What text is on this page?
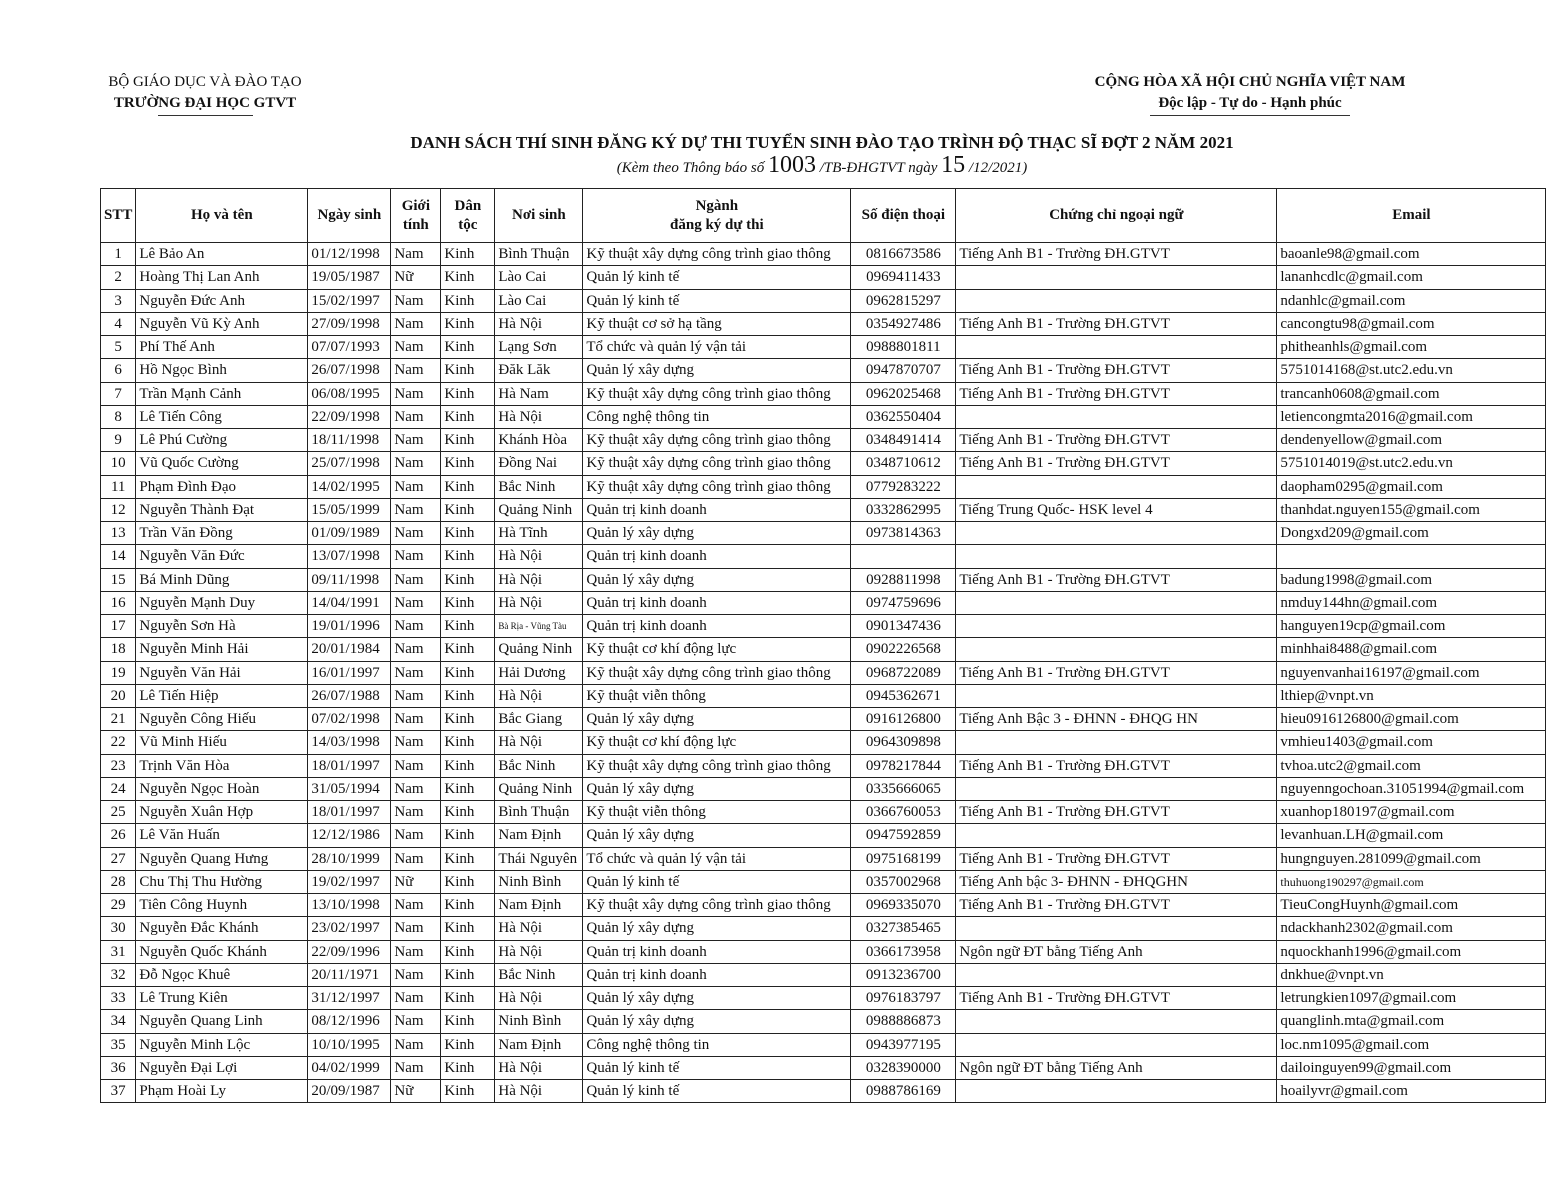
BỘ GIÁO DỤC VÀ ĐÀO TẠO
TRƯỜNG ĐẠI HỌC GTVT
CỘNG HÒA XÃ HỘI CHỦ NGHĨA VIỆT NAM
Độc lập - Tự do - Hạnh phúc
DANH SÁCH THÍ SINH ĐĂNG KÝ DỰ THI TUYỂN SINH ĐÀO TẠO TRÌNH ĐỘ THẠC SĨ ĐỢT 2 NĂM 2021
(Kèm theo Thông báo số 1003 /TB-ĐHGTVT ngày 15 /12/2021)
STT	Họ và tên	Ngày sinh	Giới tính	Dân tộc	Nơi sinh	Ngành
đăng ký dự thi	Số điện thoại	Chứng chỉ ngoại ngữ	Email
1	Lê Bảo An	01/12/1998	Nam	Kinh	Bình Thuận	Kỹ thuật xây dựng công trình giao thông	0816673586	Tiếng Anh B1 - Trường ĐH.GTVT	baoanle98@gmail.com
2	Hoàng Thị Lan Anh	19/05/1987	Nữ	Kinh	Lào Cai	Quản lý kinh tế	0969411433		lananhcdlc@gmail.com
3	Nguyễn Đức Anh	15/02/1997	Nam	Kinh	Lào Cai	Quản lý kinh tế	0962815297		ndanhlc@gmail.com
4	Nguyễn Vũ Kỳ Anh	27/09/1998	Nam	Kinh	Hà Nội	Kỹ thuật cơ sở hạ tầng	0354927486	Tiếng Anh B1 - Trường ĐH.GTVT	cancongtu98@gmail.com
5	Phí Thế Anh	07/07/1993	Nam	Kinh	Lạng Sơn	Tổ chức và quản lý vận tải	0988801811		phitheanhls@gmail.com
6	Hồ Ngọc Bình	26/07/1998	Nam	Kinh	Đăk Lăk	Quản lý xây dựng	0947870707	Tiếng Anh B1 - Trường ĐH.GTVT	5751014168@st.utc2.edu.vn
7	Trần Mạnh Cảnh	06/08/1995	Nam	Kinh	Hà Nam	Kỹ thuật xây dựng công trình giao thông	0962025468	Tiếng Anh B1 - Trường ĐH.GTVT	trancanh0608@gmail.com
8	Lê Tiến Công	22/09/1998	Nam	Kinh	Hà Nội	Công nghệ thông tin	0362550404		letiencongmta2016@gmail.com
9	Lê Phú Cường	18/11/1998	Nam	Kinh	Khánh Hòa	Kỹ thuật xây dựng công trình giao thông	0348491414	Tiếng Anh B1 - Trường ĐH.GTVT	dendenyellow@gmail.com
10	Vũ Quốc Cường	25/07/1998	Nam	Kinh	Đồng Nai	Kỹ thuật xây dựng công trình giao thông	0348710612	Tiếng Anh B1 - Trường ĐH.GTVT	5751014019@st.utc2.edu.vn
11	Phạm Đình Đạo	14/02/1995	Nam	Kinh	Bắc Ninh	Kỹ thuật xây dựng công trình giao thông	0779283222		daopham0295@gmail.com
12	Nguyễn Thành Đạt	15/05/1999	Nam	Kinh	Quảng Ninh	Quản trị kinh doanh	0332862995	Tiếng Trung Quốc- HSK level 4	thanhdat.nguyen155@gmail.com
13	Trần Văn Đồng	01/09/1989	Nam	Kinh	Hà Tĩnh	Quản lý xây dựng	0973814363		Dongxd209@gmail.com
14	Nguyễn Văn Đức	13/07/1998	Nam	Kinh	Hà Nội	Quản trị kinh doanh			
15	Bá Minh Dũng	09/11/1998	Nam	Kinh	Hà Nội	Quản lý xây dựng	0928811998	Tiếng Anh B1 - Trường ĐH.GTVT	badung1998@gmail.com
16	Nguyễn Mạnh Duy	14/04/1991	Nam	Kinh	Hà Nội	Quản trị kinh doanh	0974759696		nmduy144hn@gmail.com
17	Nguyễn Sơn Hà	19/01/1996	Nam	Kinh	Bà Rịa - Vũng Tàu	Quản trị kinh doanh	0901347436		hanguyen19cp@gmail.com
18	Nguyễn Minh Hải	20/01/1984	Nam	Kinh	Quảng Ninh	Kỹ thuật cơ khí động lực	0902226568		minhhai8488@gmail.com
19	Nguyễn Văn Hải	16/01/1997	Nam	Kinh	Hải Dương	Kỹ thuật xây dựng công trình giao thông	0968722089	Tiếng Anh B1 - Trường ĐH.GTVT	nguyenvanhai16197@gmail.com
20	Lê Tiến Hiệp	26/07/1988	Nam	Kinh	Hà Nội	Kỹ thuật viễn thông	0945362671		lthiep@vnpt.vn
21	Nguyễn Công Hiếu	07/02/1998	Nam	Kinh	Bắc Giang	Quản lý xây dựng	0916126800	Tiếng Anh Bậc 3 - ĐHNN - ĐHQG HN	hieu0916126800@gmail.com
22	Vũ Minh Hiếu	14/03/1998	Nam	Kinh	Hà Nội	Kỹ thuật cơ khí động lực	0964309898		vmhieu1403@gmail.com
23	Trịnh Văn Hòa	18/01/1997	Nam	Kinh	Bắc Ninh	Kỹ thuật xây dựng công trình giao thông	0978217844	Tiếng Anh B1 - Trường ĐH.GTVT	tvhoa.utc2@gmail.com
24	Nguyễn Ngọc Hoàn	31/05/1994	Nam	Kinh	Quảng Ninh	Quản lý xây dựng	0335666065		nguyenngochoan.31051994@gmail.com
25	Nguyễn Xuân Hợp	18/01/1997	Nam	Kinh	Bình Thuận	Kỹ thuật viễn thông	0366760053	Tiếng Anh B1 - Trường ĐH.GTVT	xuanhop180197@gmail.com
26	Lê Văn Huấn	12/12/1986	Nam	Kinh	Nam Định	Quản lý xây dựng	0947592859		levanhuan.LH@gmail.com
27	Nguyễn Quang Hưng	28/10/1999	Nam	Kinh	Thái Nguyên	Tổ chức và quản lý vận tải	0975168199	Tiếng Anh B1 - Trường ĐH.GTVT	hungnguyen.281099@gmail.com
28	Chu Thị Thu Hường	19/02/1997	Nữ	Kinh	Ninh Bình	Quản lý kinh tế	0357002968	Tiếng Anh bậc 3- ĐHNN - ĐHQGHN	thuhuong190297@gmail.com
29	Tiên Công Huynh	13/10/1998	Nam	Kinh	Nam Định	Kỹ thuật xây dựng công trình giao thông	0969335070	Tiếng Anh B1 - Trường ĐH.GTVT	TieuCongHuynh@gmail.com
30	Nguyễn Đắc Khánh	23/02/1997	Nam	Kinh	Hà Nội	Quản lý xây dựng	0327385465		ndackhanh2302@gmail.com
31	Nguyễn Quốc Khánh	22/09/1996	Nam	Kinh	Hà Nội	Quản trị kinh doanh	0366173958	Ngôn ngữ ĐT bằng Tiếng Anh	nquockhanh1996@gmail.com
32	Đỗ Ngọc Khuê	20/11/1971	Nam	Kinh	Bắc Ninh	Quản trị kinh doanh	0913236700		dnkhue@vnpt.vn
33	Lê Trung Kiên	31/12/1997	Nam	Kinh	Hà Nội	Quản lý xây dựng	0976183797	Tiếng Anh B1 - Trường ĐH.GTVT	letrungkien1097@gmail.com
34	Nguyễn Quang Linh	08/12/1996	Nam	Kinh	Ninh Bình	Quản lý xây dựng	0988886873		quanglinh.mta@gmail.com
35	Nguyễn Minh Lộc	10/10/1995	Nam	Kinh	Nam Định	Công nghệ thông tin	0943977195		loc.nm1095@gmail.com
36	Nguyễn Đại Lợi	04/02/1999	Nam	Kinh	Hà Nội	Quản lý kinh tế	0328390000	Ngôn ngữ ĐT bằng Tiếng Anh	dailoinguyen99@gmail.com
37	Phạm Hoài Ly	20/09/1987	Nữ	Kinh	Hà Nội	Quản lý kinh tế	0988786169		hoailyvr@gmail.com
